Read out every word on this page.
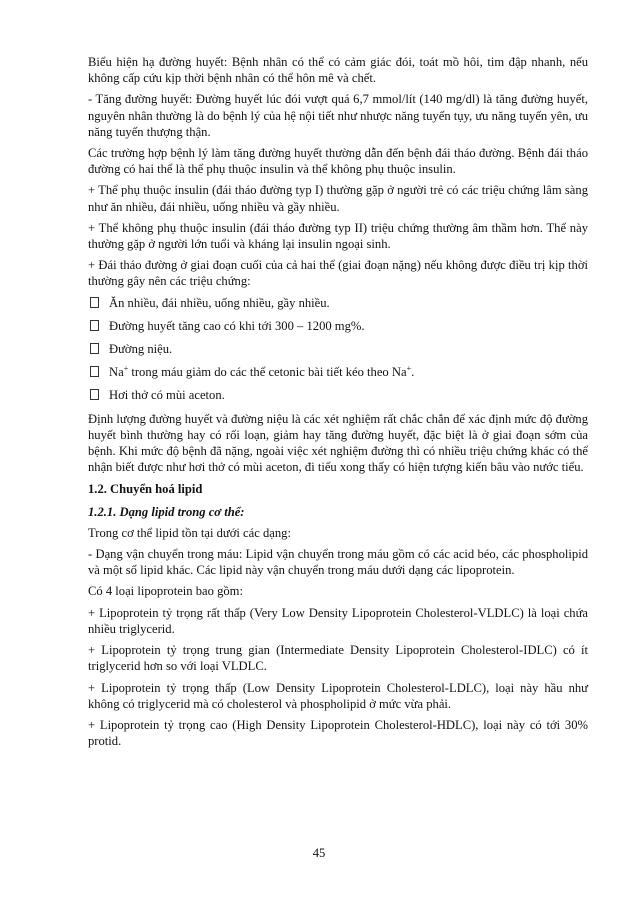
Biểu hiện hạ đường huyết: Bệnh nhân có thể có cảm giác đói, toát mồ hôi, tim đập nhanh, nếu không cấp cứu kịp thời bệnh nhân có thể hôn mê và chết.

- Tăng đường huyết: Đường huyết lúc đói vượt quá 6,7 mmol/lít (140 mg/dl) là tăng đường huyết, nguyên nhân thường là do bệnh lý của hệ nội tiết như nhược năng tuyến tụy, ưu năng tuyến yên, ưu năng tuyến thượng thận.

Các trường hợp bệnh lý làm tăng đường huyết thường dẫn đến bệnh đái tháo đường. Bệnh đái tháo đường có hai thể là thể phụ thuộc insulin và thể không phụ thuộc insulin.

+ Thể phụ thuộc insulin (đái tháo đường typ I) thường gặp ở người trẻ có các triệu chứng lâm sàng như ăn nhiều, đái nhiều, uống nhiều và gầy nhiều.

+ Thể không phụ thuộc insulin (đái tháo đường typ II) triệu chứng thường âm thầm hơn. Thể này thường gặp ở người lớn tuổi và kháng lại insulin ngoại sinh.

+ Đái tháo đường ở giai đoạn cuối của cả hai thể (giai đoạn nặng) nếu không được điều trị kịp thời thường gây nên các triệu chứng:

Ăn nhiều, đái nhiều, uống nhiều, gầy nhiều.

Đường huyết tăng cao có khi tới 300 – 1200 mg%.

Đường niệu.

Na+ trong máu giảm do các thể cetonic bài tiết kéo theo Na+.

Hơi thở có mùi aceton.

Định lượng đường huyết và đường niệu là các xét nghiệm rất chắc chắn để xác định mức độ đường huyết bình thường hay có rối loạn, giảm hay tăng đường huyết, đặc biệt là ở giai đoạn sớm của bệnh. Khi mức độ bệnh đã nặng, ngoài việc xét nghiệm đường thì có nhiều triệu chứng khác có thể nhận biết được như hơi thở có mùi aceton, đi tiểu xong thấy có hiện tượng kiến bâu vào nước tiểu.

1.2. Chuyển hoá lipid

1.2.1. Dạng lipid trong cơ thể:

Trong cơ thể lipid tồn tại dưới các dạng:

- Dạng vận chuyển trong máu: Lipid vận chuyển trong máu gồm có các acid béo, các phospholipid và một số lipid khác. Các lipid này vận chuyển trong máu dưới dạng các lipoprotein.

Có 4 loại lipoprotein bao gồm:

+ Lipoprotein tỷ trọng rất thấp (Very Low Density Lipoprotein Cholesterol-VLDLC) là loại chứa nhiều triglycerid.

+ Lipoprotein tỷ trọng trung gian (Intermediate Density Lipoprotein Cholesterol-IDLC) có ít triglycerid hơn so với loại VLDLC.

+ Lipoprotein tỷ trọng thấp (Low Density Lipoprotein Cholesterol-LDLC), loại này hầu như không có triglycerid mà có cholesterol và phospholipid ở mức vừa phải.

+ Lipoprotein tỷ trọng cao (High Density Lipoprotein Cholesterol-HDLC), loại này có tới 30% protid.

45
